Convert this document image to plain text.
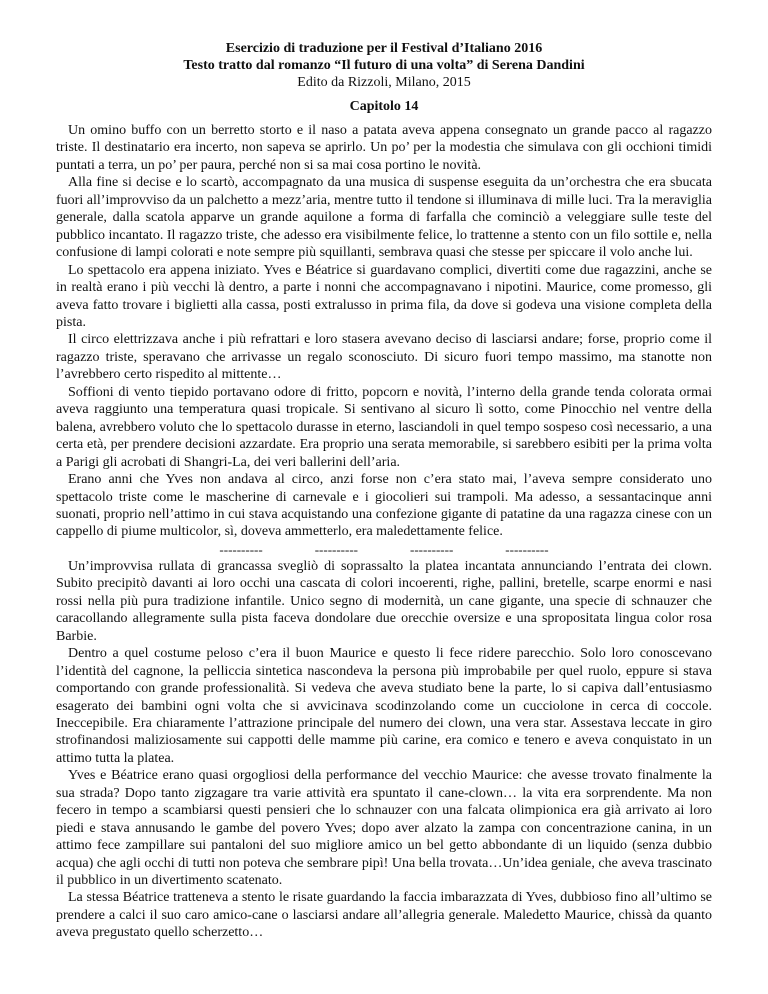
Esercizio di traduzione per il Festival d’Italiano 2016
Testo tratto dal romanzo “Il futuro di una volta” di Serena Dandini
Edito da Rizzoli, Milano, 2015
Capitolo 14

Un omino buffo con un berretto storto e il naso a patata aveva appena consegnato un grande pacco al ragazzo triste. Il destinatario era incerto, non sapeva se aprirlo. Un po’ per la modestia che simulava con gli occhioni timidi puntati a terra, un po’ per paura, perché non si sa mai cosa portino le novità.

Alla fine si decise e lo scartò, accompagnato da una musica di suspense eseguita da un’orchestra che era sbucata fuori all’improvviso da un palchetto a mezz’aria, mentre tutto il tendone si illuminava di mille luci. Tra la meraviglia generale, dalla scatola apparve un grande aquilone a forma di farfalla che cominciò a veleggiare sulle teste del pubblico incantato. Il ragazzo triste, che adesso era visibilmente felice, lo trattenne a stento con un filo sottile e, nella confusione di lampi colorati e note sempre più squillanti, sembrava quasi che stesse per spiccare il volo anche lui.

Lo spettacolo era appena iniziato. Yves e Béatrice si guardavano complici, divertiti come due ragazzini, anche se in realtà erano i più vecchi là dentro, a parte i nonni che accompagnavano i nipotini. Maurice, come promesso, gli aveva fatto trovare i biglietti alla cassa, posti extralusso in prima fila, da dove si godeva una visione completa della pista.

Il circo elettrizzava anche i più refrattari e loro stasera avevano deciso di lasciarsi andare; forse, proprio come il ragazzo triste, speravano che arrivasse un regalo sconosciuto. Di sicuro fuori tempo massimo, ma stanotte non l’avrebbero certo rispedito al mittente…

Soffioni di vento tiepido portavano odore di fritto, popcorn e novità, l’interno della grande tenda colorata ormai aveva raggiunto una temperatura quasi tropicale. Si sentivano al sicuro lì sotto, come Pinocchio nel ventre della balena, avrebbero voluto che lo spettacolo durasse in eterno, lasciandoli in quel tempo sospeso così necessario, a una certa età, per prendere decisioni azzardate. Era proprio una serata memorabile, si sarebbero esibiti per la prima volta a Parigi gli acrobati di Shangri-La, dei veri ballerini dell’aria.

Erano anni che Yves non andava al circo, anzi forse non c’era stato mai, l’aveva sempre considerato uno spettacolo triste come le mascherine di carnevale e i giocolieri sui trampoli. Ma adesso, a sessantacinque anni suonati, proprio nell’attimo in cui stava acquistando una confezione gigante di patatine da una ragazza cinese con un cappello di piume multicolor, sì, doveva ammetterlo, era maledettamente felice.

----------	----------	----------	----------

Un’improvvisa rullata di grancassa svegliò di soprassalto la platea incantata annunciando l’entrata dei clown. Subito precipitò davanti ai loro occhi una cascata di colori incoerenti, righe, pallini, bretelle, scarpe enormi e nasi rossi nella più pura tradizione infantile. Unico segno di modernità, un cane gigante, una specie di schnauzer che caracollando allegramente sulla pista faceva dondolare due orecchie oversize e una spropositata lingua color rosa Barbie.

Dentro a quel costume peloso c’era il buon Maurice e questo li fece ridere parecchio. Solo loro conoscevano l’identità del cagnone, la pelliccia sintetica nascondeva la persona più improbabile per quel ruolo, eppure si stava comportando con grande professionalità. Si vedeva che aveva studiato bene la parte, lo si capiva dall’entusiasmo esagerato dei bambini ogni volta che si avvicinava scodinzolando come un cucciolone in cerca di coccole. Ineccepibile. Era chiaramente l’attrazione principale del numero dei clown, una vera star. Assestava leccate in giro strofinandosi maliziosamente sui cappotti delle mamme più carine, era comico e tenero e aveva conquistato in un attimo tutta la platea.

Yves e Béatrice erano quasi orgogliosi della performance del vecchio Maurice: che avesse trovato finalmente la sua strada? Dopo tanto zigzagare tra varie attività era spuntato il cane-clown… la vita era sorprendente. Ma non fecero in tempo a scambiarsi questi pensieri che lo schnauzer con una falcata olimpionica era già arrivato ai loro piedi e stava annusando le gambe del povero Yves; dopo aver alzato la zampa con concentrazione canina, in un attimo fece zampillare sui pantaloni del suo migliore amico un bel getto abbondante di un liquido (senza dubbio acqua) che agli occhi di tutti non poteva che sembrare pipì! Una bella trovata…Un’idea geniale, che aveva trascinato il pubblico in un divertimento scatenato.

La stessa Béatrice tratteneva a stento le risate guardando la faccia imbarazzata di Yves, dubbioso fino all’ultimo se prendere a calci il suo caro amico-cane o lasciarsi andare all’allegria generale. Maledetto Maurice, chissà da quanto aveva pregustato quello scherzetto…
